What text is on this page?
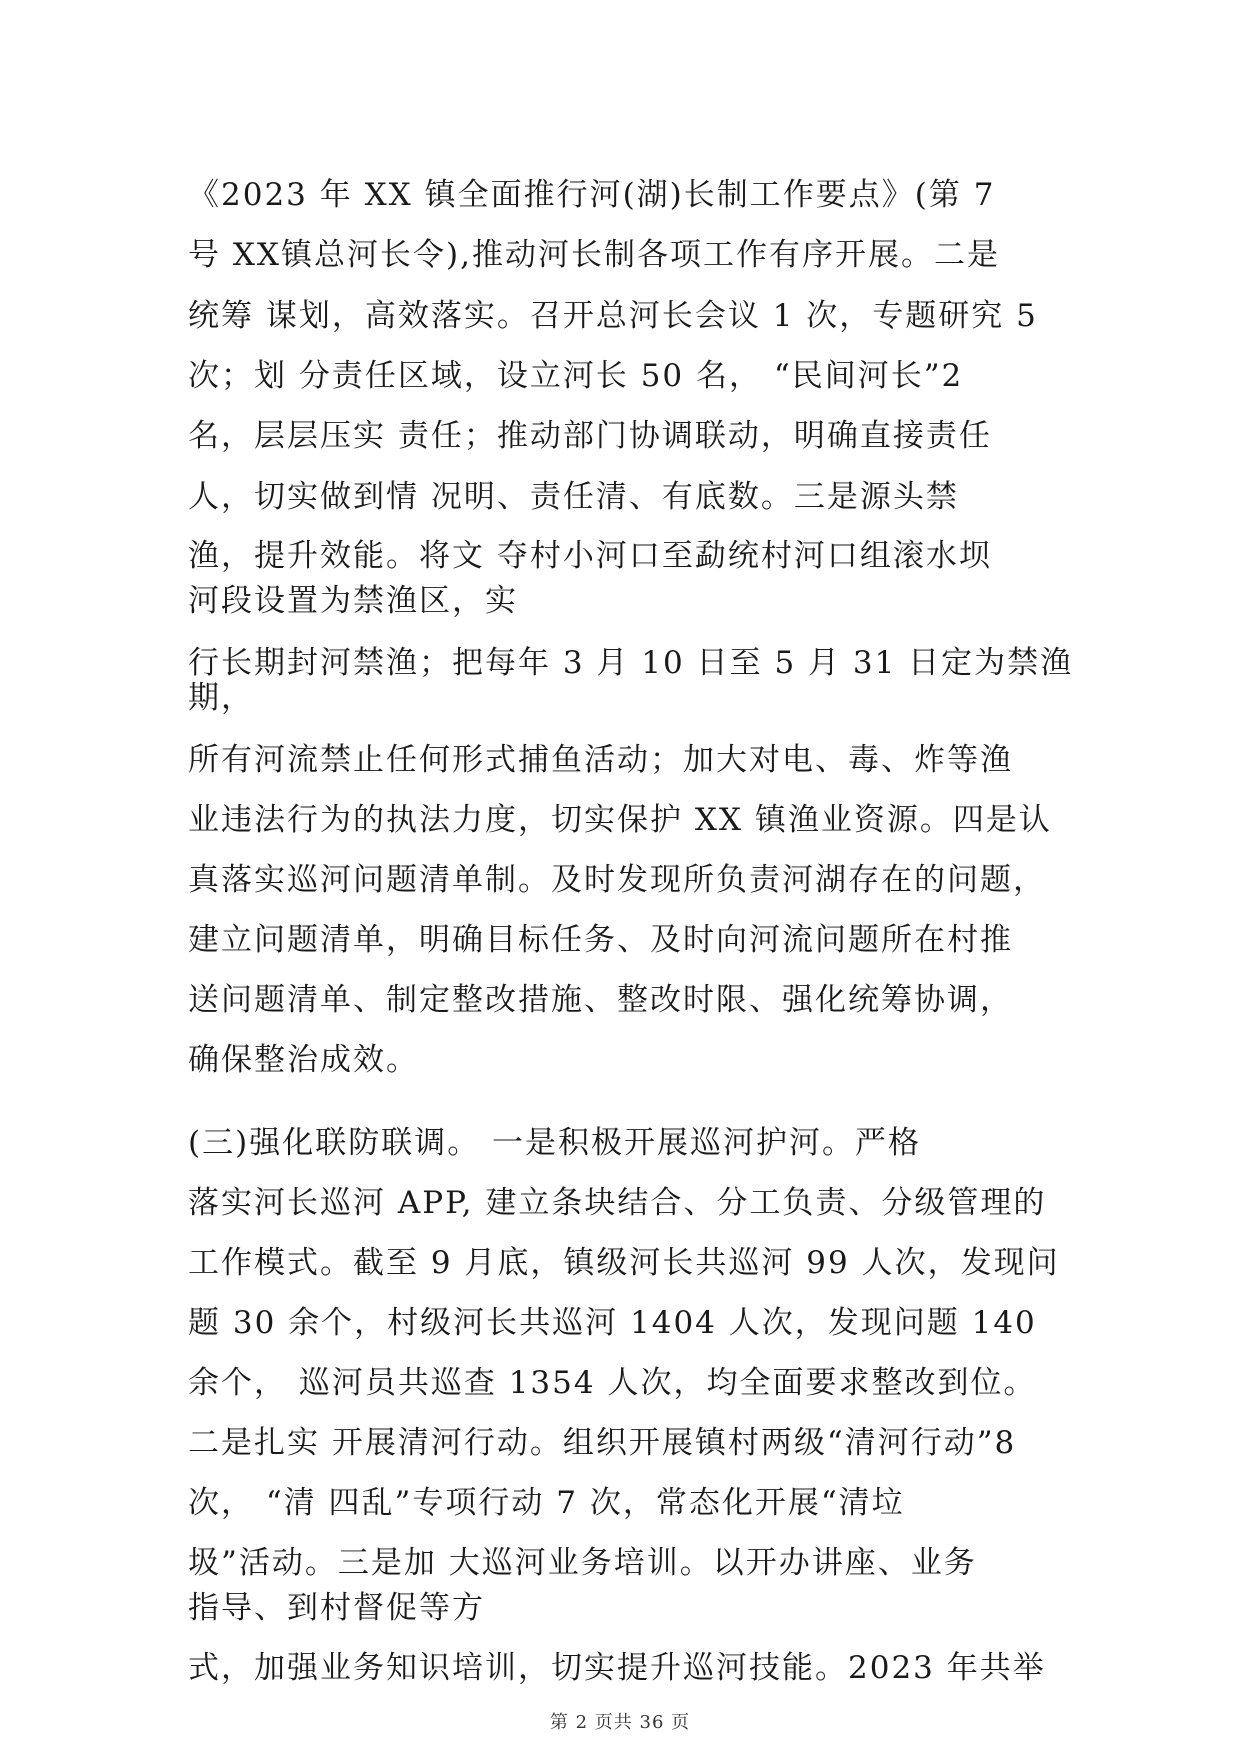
《2023 年 XX 镇全面推行河(湖)长制工作要点》(第 7
号 XX镇总河长令),推动河长制各项工作有序开展。二是
统筹 谋划，高效落实。召开总河长会议 1 次，专题研究 5
次；划 分责任区域，设立河长 50 名， “民间河长”2
名，层层压实 责任；推动部门协调联动，明确直接责任
人，切实做到情 况明、责任清、有底数。三是源头禁
渔，提升效能。将文 夺村小河口至勐统村河口组滚水坝
河段设置为禁渔区，实
行长期封河禁渔；把每年 3 月 10 日至 5 月 31 日定为禁渔
期，
所有河流禁止任何形式捕鱼活动；加大对电、毒、炸等渔
业违法行为的执法力度，切实保护 XX 镇渔业资源。四是认
真落实巡河问题清单制。及时发现所负责河湖存在的问题，
建立问题清单，明确目标任务、及时向河流问题所在村推
送问题清单、制定整改措施、整改时限、强化统筹协调，
确保整治成效。
(三)强化联防联调。 一是积极开展巡河护河。严格
落实河长巡河 APP, 建立条块结合、分工负责、分级管理的
工作模式。截至 9 月底，镇级河长共巡河 99 人次，发现问
题 30 余个，村级河长共巡河 1404 人次，发现问题 140
余个， 巡河员共巡查 1354 人次，均全面要求整改到位。
二是扎实 开展清河行动。组织开展镇村两级“清河行动”8
次， “清 四乱”专项行动 7 次，常态化开展“清垃
圾”活动。三是加 大巡河业务培训。以开办讲座、业务
指导、到村督促等方
式，加强业务知识培训，切实提升巡河技能。2023 年共举
第 2 页共 36 页
